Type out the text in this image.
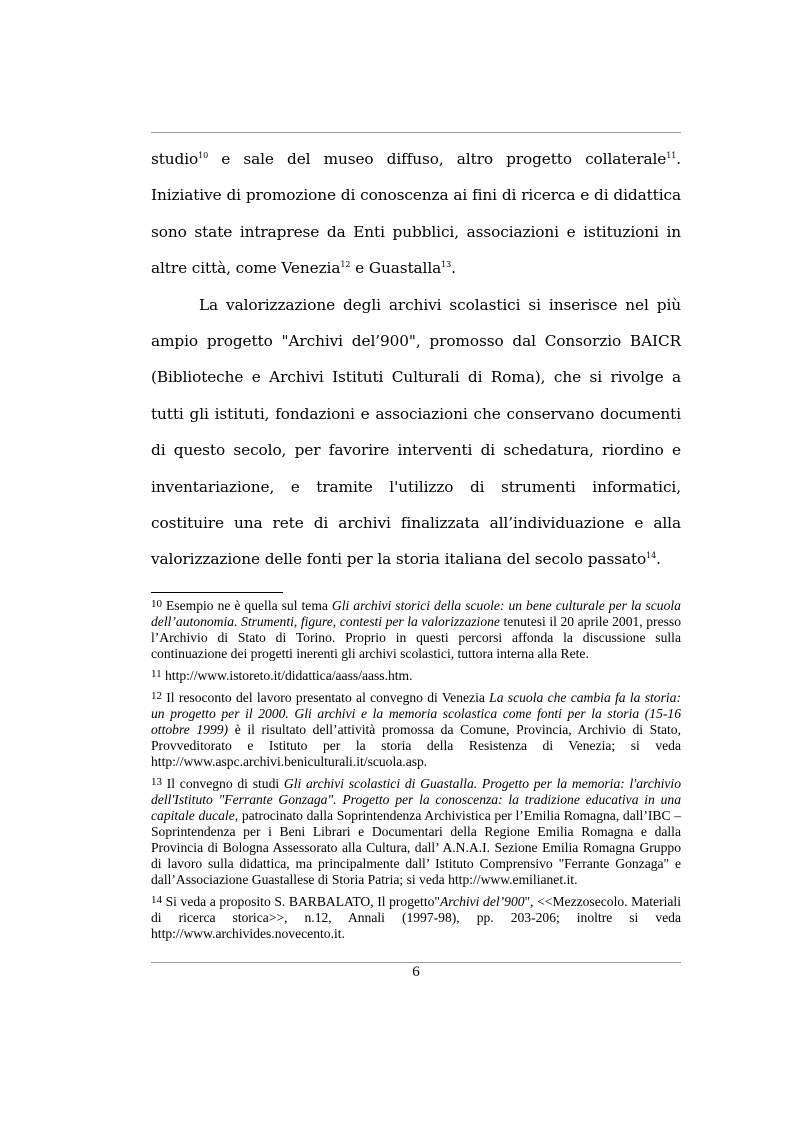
studio$^{10}$ e sale del museo diffuso, altro progetto collaterale$^{11}$. Iniziative di promozione di conoscenza ai fini di ricerca e di didattica sono state intraprese da Enti pubblici, associazioni e istituzioni in altre città, come Venezia$^{12}$ e Guastalla$^{13}$.

La valorizzazione degli archivi scolastici si inserisce nel più ampio progetto "Archivi del’900", promosso dal Consorzio BAICR (Biblioteche e Archivi Istituti Culturali di Roma), che si rivolge a tutti gli istituti, fondazioni e associazioni che conservano documenti di questo secolo, per favorire interventi di schedatura, riordino e inventariazione, e tramite l'utilizzo di strumenti informatici, costituire una rete di archivi finalizzata all’individuazione e alla valorizzazione delle fonti per la storia italiana del secolo passato$^{14}$.

$^{10}$ Esempio ne è quella sul tema Gli archivi storici della scuole: un bene culturale per la scuola dell’autonomia. Strumenti, figure, contesti per la valorizzazione tenutesi il 20 aprile 2001, presso l’Archivio di Stato di Torino. Proprio in questi percorsi affonda la discussione sulla continuazione dei progetti inerenti gli archivi scolastici, tuttora interna alla Rete.

$^{11}$ http://www.istoreto.it/didattica/aass/aass.htm.

$^{12}$ Il resoconto del lavoro presentato al convegno di Venezia La scuola che cambia fa la storia: un progetto per il 2000. Gli archivi e la memoria scolastica come fonti per la storia (15-16 ottobre 1999) è il risultato dell’attività promossa da Comune, Provincia, Archivio di Stato, Provveditorato e Istituto per la storia della Resistenza di Venezia; si veda http://www.aspc.archivi.beniculturali.it/scuola.asp.

$^{13}$ Il convegno di studi Gli archivi scolastici di Guastalla. Progetto per la memoria: l'archivio dell'Istituto "Ferrante Gonzaga". Progetto per la conoscenza: la tradizione educativa in una capitale ducale, patrocinato dalla Soprintendenza Archivistica per l’Emilia Romagna, dall’IBC – Soprintendenza per i Beni Librari e Documentari della Regione Emilia Romagna e dalla Provincia di Bologna Assessorato alla Cultura, dall’ A.N.A.I. Sezione Emilia Romagna Gruppo di lavoro sulla didattica, ma principalmente dall’ Istituto Comprensivo "Ferrante Gonzaga" e dall’Associazione Guastallese di Storia Patria; si veda http://www.emilianet.it.

$^{14}$ Si veda a proposito S. BARBALATO, Il progetto"Archivi del’900", <<Mezzosecolo. Materiali di ricerca storica>>, n.12, Annali (1997-98), pp. 203-206; inoltre si veda http://www.archivides.novecento.it.

6
